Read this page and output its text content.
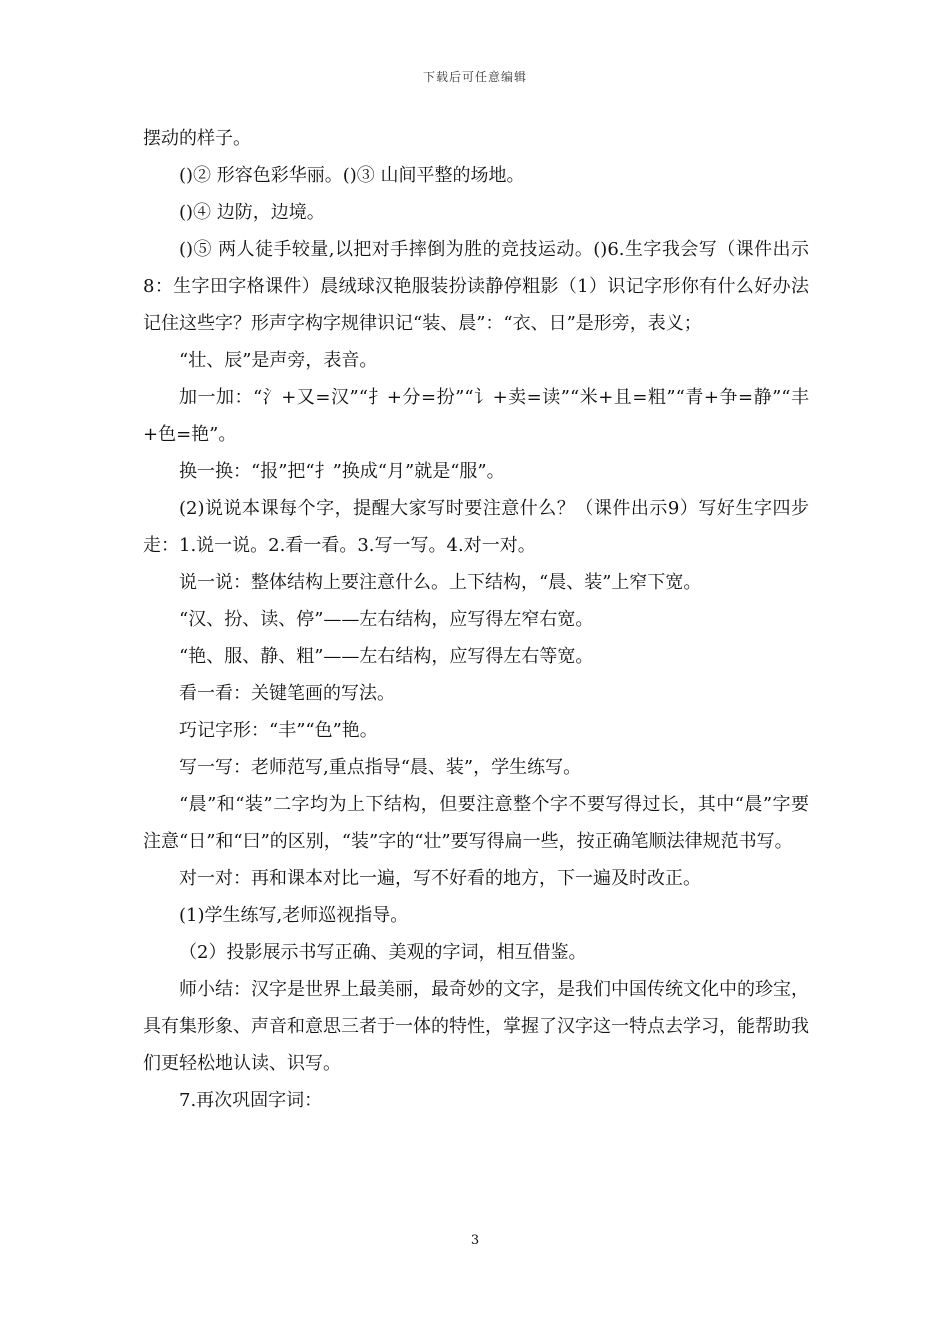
下载后可任意编辑

摆动的样子。

()② 形容色彩华丽。()③ 山间平整的场地。

()④ 边防，边境。

()⑤ 两人徒手较量,以把对手摔倒为胜的竞技运动。()6.生字我会写（课件出示8：生字田字格课件）晨绒球汉艳服装扮读静停粗影（1）识记字形你有什么好办法记住这些字？形声字构字规律识记“装、晨”：“衣、日”是形旁，表义；

“壮、辰”是声旁，表音。

加一加：“氵+又=汉”“扌+分=扮”“讠+卖=读”“米+且=粗”“青+争=静”“丰+色=艳”。

换一换：“报”把“扌”换成“月”就是“服”。

(2)说说本课每个字，提醒大家写时要注意什么？（课件出示9）写好生字四步走：1.说一说。2.看一看。3.写一写。4.对一对。

说一说：整体结构上要注意什么。上下结构，“晨、装”上窄下宽。

“汉、扮、读、停”——左右结构，应写得左窄右宽。

“艳、服、静、粗”——左右结构，应写得左右等宽。

看一看：关键笔画的写法。

巧记字形：“丰”“色”艳。

写一写：老师范写,重点指导“晨、装”，学生练写。

“晨”和“装”二字均为上下结构，但要注意整个字不要写得过长，其中“晨”字要注意“日”和“曰”的区别，“装”字的“壮”要写得扁一些，按正确笔顺法律规范书写。

对一对：再和课本对比一遍，写不好看的地方，下一遍及时改正。

(1)学生练写,老师巡视指导。

（2）投影展示书写正确、美观的字词，相互借鉴。

师小结：汉字是世界上最美丽，最奇妙的文字，是我们中国传统文化中的珍宝，具有集形象、声音和意思三者于一体的特性，掌握了汉字这一特点去学习，能帮助我们更轻松地认读、识写。

7.再次巩固字词：

3
